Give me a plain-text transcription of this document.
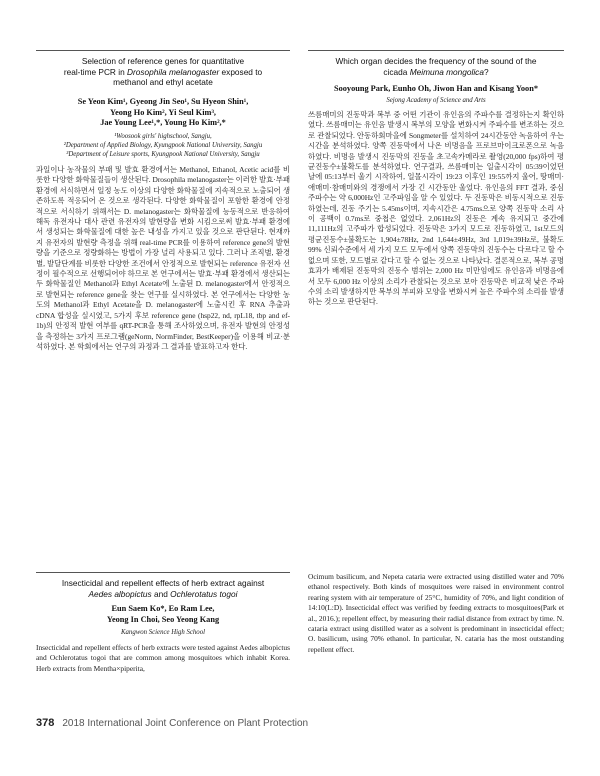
Selection of reference genes for quantitative
real-time PCR in Drosophila melanogaster exposed to
methanol and ethyl acetate
Se Yeon Kim¹, Gyeong Jin Seo¹, Su Hyeon Shin¹,
Yeong Ho Kim², Yi Seul Kim³,
Jae Young Lee¹,*, Young Ho Kim²,*
¹Woosook girls' highschool, Sangju,
²Department of Applied Biology, Kyungpook National University, Sangju
³Department of Leisure sports, Kyungpook National University, Sangju
과일이나 농작물의 부패 및 발효 환경에서는 Methanol, Ethanol, Acetic acid를 비롯한 다양한 화학물질들이 생산된다. Drosophila melanogaster는 이러한 발효·부패 환경에 서식하면서 일정 농도 이상의 다양한 화학물질에 지속적으로 노출되어 생존하도록 적응되어 온 것으로 생각된다. 다양한 화학물질이 포함한 환경에 안정적으로 서식하기 위해서는 D. melanogaster는 화학물질에 능동적으로 반응하여 해독 유전자나 대사 관련 유전자의 발현량을 변화 시킴으로써 발효·부패 환경에서 생성되는 화학물질에 대한 높은 내성을 가지고 있을 것으로 판단된다. 현재까지 유전자의 발현량 측정을 위해 real-time PCR를 이용하여 reference gene의 발현량을 기준으로 정량화하는 방법이 가장 널리 사용되고 있다. 그러나 조직별, 환경별, 발달단계를 비롯한 다양한 조건에서 안정적으로 발현되는 reference 유전자 선정이 필수적으로 선행되어야 하므로 본 연구에서는 발효·부패 환경에서 생산되는 두 화학물질인 Methanol과 Ethyl Acetate에 노출된 D. melanogaster에서 안정적으로 발현되는 reference gene을 찾는 연구를 실시하였다. 본 연구에서는 다양한 농도의 Methanol과 Ethyl Acetate을 D. melanogaster에 노출시킨 후 RNA 추출과 cDNA 합성을 실시였고, 5가지 후보 reference gene (hsp22, nd, rpL18, tbp and ef-1b)의 안정적 발현 여부를 qRT-PCR을 통해 조사하였으며, 유전자 발현의 안정성을 측정하는 3가지 프로그램(geNorm, NormFinder, BestKeeper)을 이용해 비교·분석하였다. 본 학회에서는 연구의 과정과 그 결과를 발표하고자 한다.
Which organ decides the frequency of the sound of the
cicada Meimuna mongolica?
Sooyoung Park, Eunho Oh, Jiwon Han and Kisang Yoon*
Sejong Academy of Science and Arts
쓰름매미의 진동막과 복부 중 어떤 기관이 유인음의 주파수를 결정하는지 확인하였다. 쓰름매미는 유인음 발생시 복부의 모양을 변화시켜 주파수를 변조하는 것으로 관찰되었다. 안동하회마을에 Songmeter를 설치하여 24시간동안 녹음하여 우는 시간을 분석하였다. 양쪽 진동막에서 나온 비명음을 프로브마이크로폰으로 녹음하였다. 비명음 발생시 진동막의 진동을 초고속카메라로 촬영(20,000 fps)하여 평균진동수±불확도를 분석하였다. 연구결과, 쓰름매미는 일출시각이 05:39이었던 날에 05:13부터 울기 시작하여, 일몰시각이 19:23 이후인 19:55까지 울어, 땅매미·애매미·참매미와의 경쟁에서 가장 긴 시간동안 울었다. 유인음의 FFT 결과, 중심주파수는 약 6,000Hz인 고주파임을 알 수 있었다. 두 진동막은 비동시적으로 진동하였는데, 진동 주기는 5.45ms이며, 지속시간은 4.75ms으로 양쪽 진동막 소리 사이 공백이 0.7ms로 중첩은 없었다. 2,061Hz의 진동은 계속 유지되고 중간에 11,111Hz의 고주파가 합성되었다. 진동막은 3가지 모드로 진동하였고, 1st모드의 평균진동수±불확도는 1,904±78Hz, 2nd 1,644±49Hz, 3rd 1,019±39Hz로, 불확도 99% 신뢰수준에서 세 가지 모드 모두에서 양쪽 진동막의 진동수는 다르다고 할 수 없으며 또한, 모드별로 같다고 할 수 없는 것으로 나타났다. 결론적으로, 복부 공명 효과가 배제된 진동막의 진동수 범위는 2,000 Hz 미만임에도 유인음과 비명음에서 모두 6,000 Hz 이상의 소리가 관찰되는 것으로 보아 진동막은 비교적 낮은 주파수의 소리 발생하지만 복부의 부피와 모양을 변화시켜 높은 주파수의 소리를 발생하는 것으로 판단된다.
Insecticidal and repellent effects of herb extract against
Aedes albopictus and Ochlerotatus togoi
Eun Saem Ko*, Eo Ram Lee,
Yeong In Choi, Seo Yeong Kang
Kangwon Science High School
Insecticidal and repellent effects of herb extracts were tested against Aedes albopictus and Ochlerotatus togoi that are common among mosquitoes which inhabit Korea. Herb extracts from Mentha×piperita,
Ocimum basilicum, and Nepeta cataria were extracted using distilled water and 70% ethanol respectively. Both kinds of mosquitoes were raised in environment control rearing system with air temperature of 25°C, humidity of 70%, and light condition of 14:10(L:D). Insecticidal effect was verified by feeding extracts to mosquitoes(Park et al., 2016.); repellent effect, by measuring their radial distance from extract by time. N. cataria extract using distilled water as a solvent is predominant in insecticidal effect; O. basilicum, using 70% ethanol. In particular, N. cataria has the most outstanding repellent effect.
378 2018 International Joint Conference on Plant Protection
